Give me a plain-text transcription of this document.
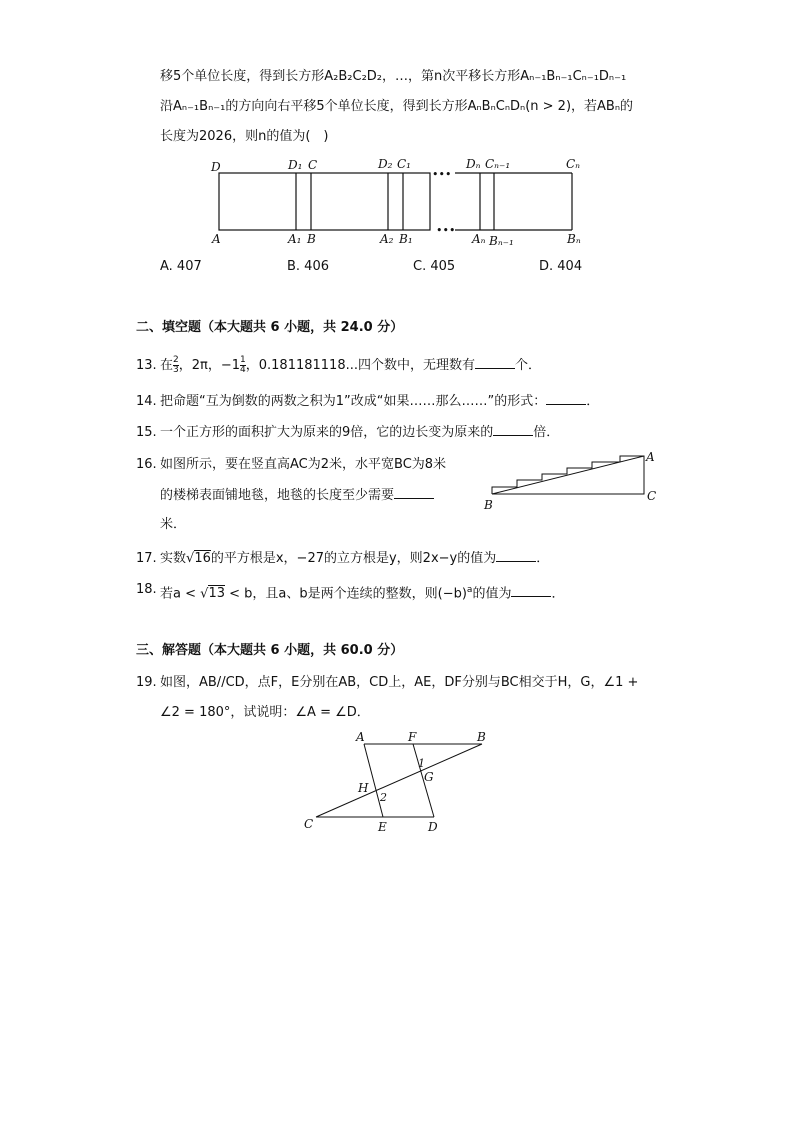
移5个单位长度，得到长方形A₂B₂C₂D₂，…，第n次平移长方形Aₙ₋₁Bₙ₋₁Cₙ₋₁Dₙ₋₁
沿Aₙ₋₁Bₙ₋₁的方向向右平移5个单位长度，得到长方形AₙBₙCₙDₙ(n > 2)，若ABₙ的
长度为2026，则n的值为(　)
D	D₁ C	D₂ C₁
•••
Dₙ Cₙ₋₁	Cₙ
A	A₁ B	A₂ B₁
•••
Aₙ Bₙ₋₁	Bₙ
A. 407	B. 406	C. 405	D. 404
二、填空题（本大题共 6 小题，共 24.0 分）
13. 在 $\frac{2}{3}$ ，2π，$-1 \frac{1}{4}$ ，0.181181118...四个数中，无理数有	个．
14. 把命题“互为倒数的两数之积为1”改成“如果……那么……”的形式：	．
15. 一个正方形的面积扩大为原来的9倍，它的边长变为原来的	倍．
16. 如图所示，要在竖直高AC为2米，水平宽BC为8米
的楼梯表面铺地毯，地毯的长度至少需要
米．
A
B
C
17. 实数√16的平方根是x，−27的立方根是y，则2x−y的值为	．
18. 若a < √13 < b，且a、b是两个连续的整数，则$(-b)^a$的值为	．
三、解答题（本大题共 6 小题，共 60.0 分）
19. 如图，AB//CD，点F，E分别在AB，CD上，AE，DF分别与BC相交于H，G，∠1 +
∠2 = 180°，试说明：∠A = ∠D．
A	F	B
1
G
H
2
C	E	D
